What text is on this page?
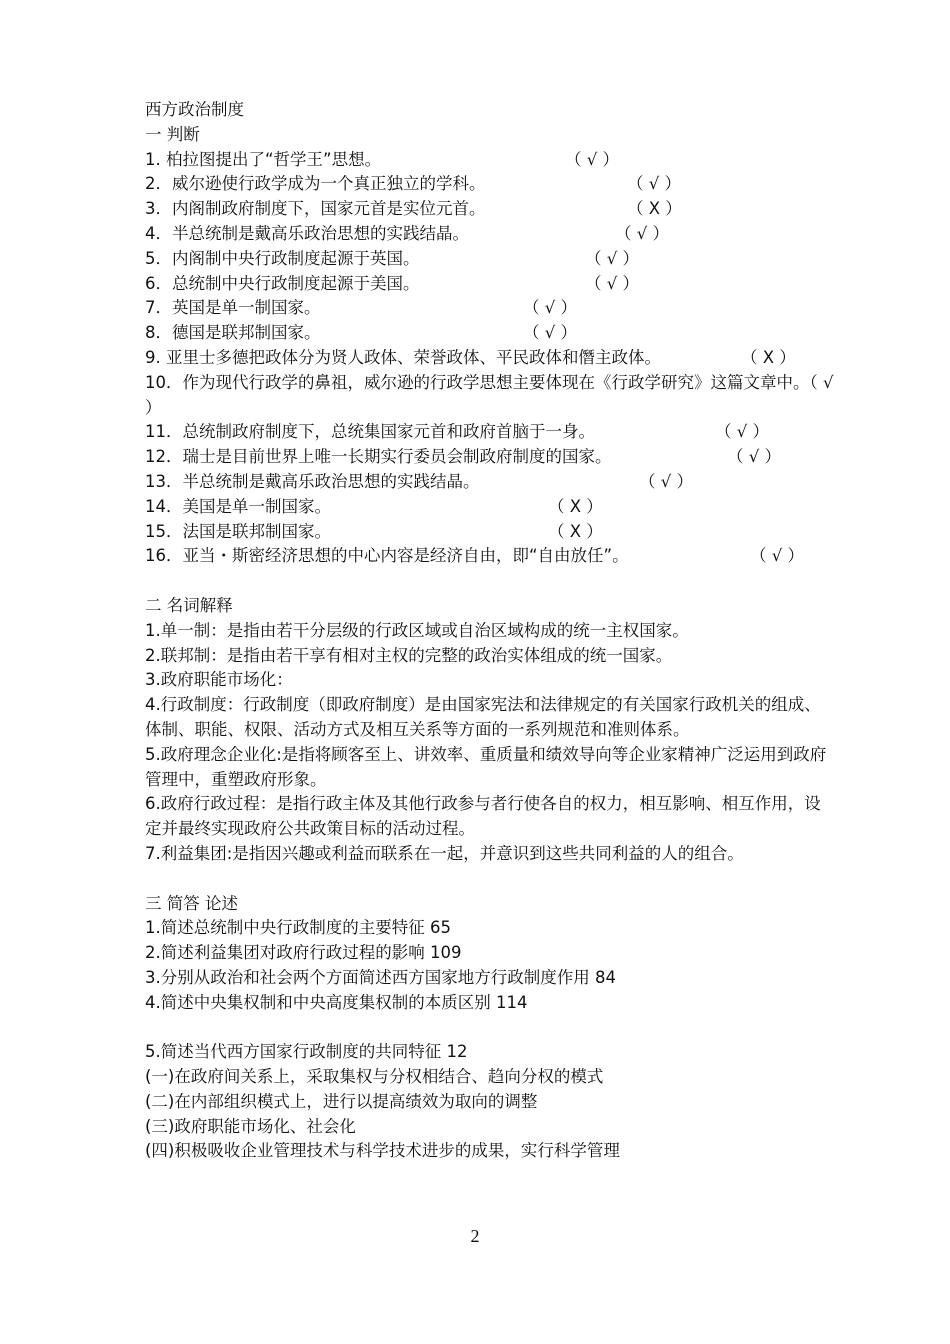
西方政治制度
一 判断
1. 柏拉图提出了“哲学王”思想。	（ √ ）
2．威尔逊使行政学成为一个真正独立的学科。	（ √ ）
3．内阁制政府制度下，国家元首是实位元首。	（ X ）
4．半总统制是戴高乐政治思想的实践结晶。	（ √ ）
5．内阁制中央行政制度起源于英国。	（ √ ）
6．总统制中央行政制度起源于美国。	（ √ ）
7．英国是单一制国家。	（ √ ）
8．德国是联邦制国家。	（ √ ）
9. 亚里士多德把政体分为贤人政体、荣誉政体、平民政体和僭主政体。	（ X ）
10．作为现代行政学的鼻祖，威尔逊的行政学思想主要体现在《行政学研究》这篇文章中。（ √ ）
11．总统制政府制度下，总统集国家元首和政府首脑于一身。	（ √ ）
12．瑞士是目前世界上唯一长期实行委员会制政府制度的国家。	（ √ ）
13．半总统制是戴高乐政治思想的实践结晶。	（ √ ）
14．美国是单一制国家。	（ X ）
15．法国是联邦制国家。	（ X ）
16．亚当・斯密经济思想的中心内容是经济自由，即“自由放任”。	（ √ ）
二 名词解释
1.单一制：是指由若干分层级的行政区域或自治区域构成的统一主权国家。
2.联邦制：是指由若干享有相对主权的完整的政治实体组成的统一国家。
3.政府职能市场化：
4.行政制度：行政制度（即政府制度）是由国家宪法和法律规定的有关国家行政机关的组成、体制、职能、权限、活动方式及相互关系等方面的一系列规范和准则体系。
5.政府理念企业化:是指将顾客至上、讲效率、重质量和绩效导向等企业家精神广泛运用到政府管理中，重塑政府形象。
6.政府行政过程：是指行政主体及其他行政参与者行使各自的权力，相互影响、相互作用，设定并最终实现政府公共政策目标的活动过程。
7.利益集团:是指因兴趣或利益而联系在一起，并意识到这些共同利益的人的组合。
三 简答 论述
1.简述总统制中央行政制度的主要特征 65
2.简述利益集团对政府行政过程的影响 109
3.分别从政治和社会两个方面简述西方国家地方行政制度作用 84
4.简述中央集权制和中央高度集权制的本质区别 114
5.简述当代西方国家行政制度的共同特征 12
(一)在政府间关系上，采取集权与分权相结合、趋向分权的模式
(二)在内部组织模式上，进行以提高绩效为取向的调整
(三)政府职能市场化、社会化
(四)积极吸收企业管理技术与科学技术进步的成果，实行科学管理
2
